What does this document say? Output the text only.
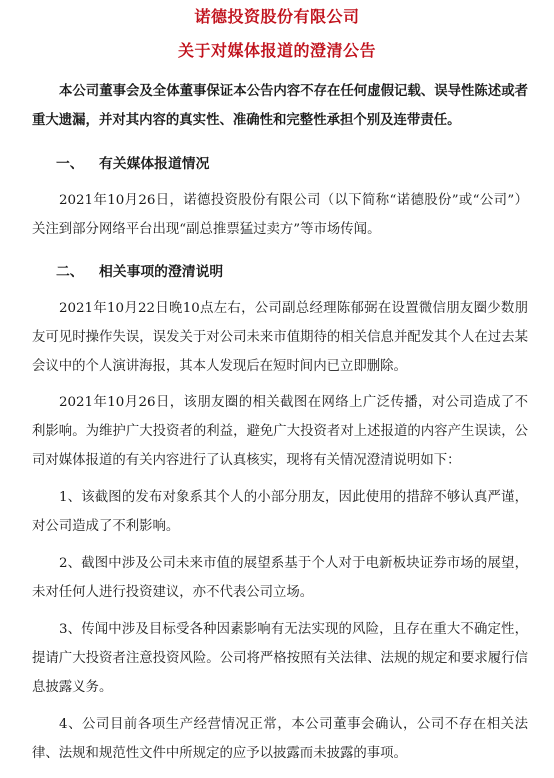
诺德投资股份有限公司
关于对媒体报道的澄清公告
本公司董事会及全体董事保证本公告内容不存在任何虚假记载、误导性陈述或者重大遗漏，并对其内容的真实性、准确性和完整性承担个别及连带责任。
一、 有关媒体报道情况
2021年10月26日，诺德投资股份有限公司（以下简称“诺德股份”或“公司”）关注到部分网络平台出现“副总推票猛过卖方”等市场传闻。
二、 相关事项的澄清说明
2021年10月22日晚10点左右，公司副总经理陈郁弼在设置微信朋友圈少数朋友可见时操作失误，误发关于对公司未来市值期待的相关信息并配发其个人在过去某会议中的个人演讲海报，其本人发现后在短时间内已立即删除。
2021年10月26日，该朋友圈的相关截图在网络上广泛传播，对公司造成了不利影响。为维护广大投资者的利益，避免广大投资者对上述报道的内容产生误读，公司对媒体报道的有关内容进行了认真核实，现将有关情况澄清说明如下：
1、该截图的发布对象系其个人的小部分朋友，因此使用的措辞不够认真严谨，对公司造成了不利影响。
2、截图中涉及公司未来市值的展望系基于个人对于电新板块证券市场的展望，未对任何人进行投资建议，亦不代表公司立场。
3、传闻中涉及目标受各种因素影响有无法实现的风险，且存在重大不确定性，提请广大投资者注意投资风险。公司将严格按照有关法律、法规的规定和要求履行信息披露义务。
4、公司目前各项生产经营情况正常，本公司董事会确认，公司不存在相关法律、法规和规范性文件中所规定的应予以披露而未披露的事项。
